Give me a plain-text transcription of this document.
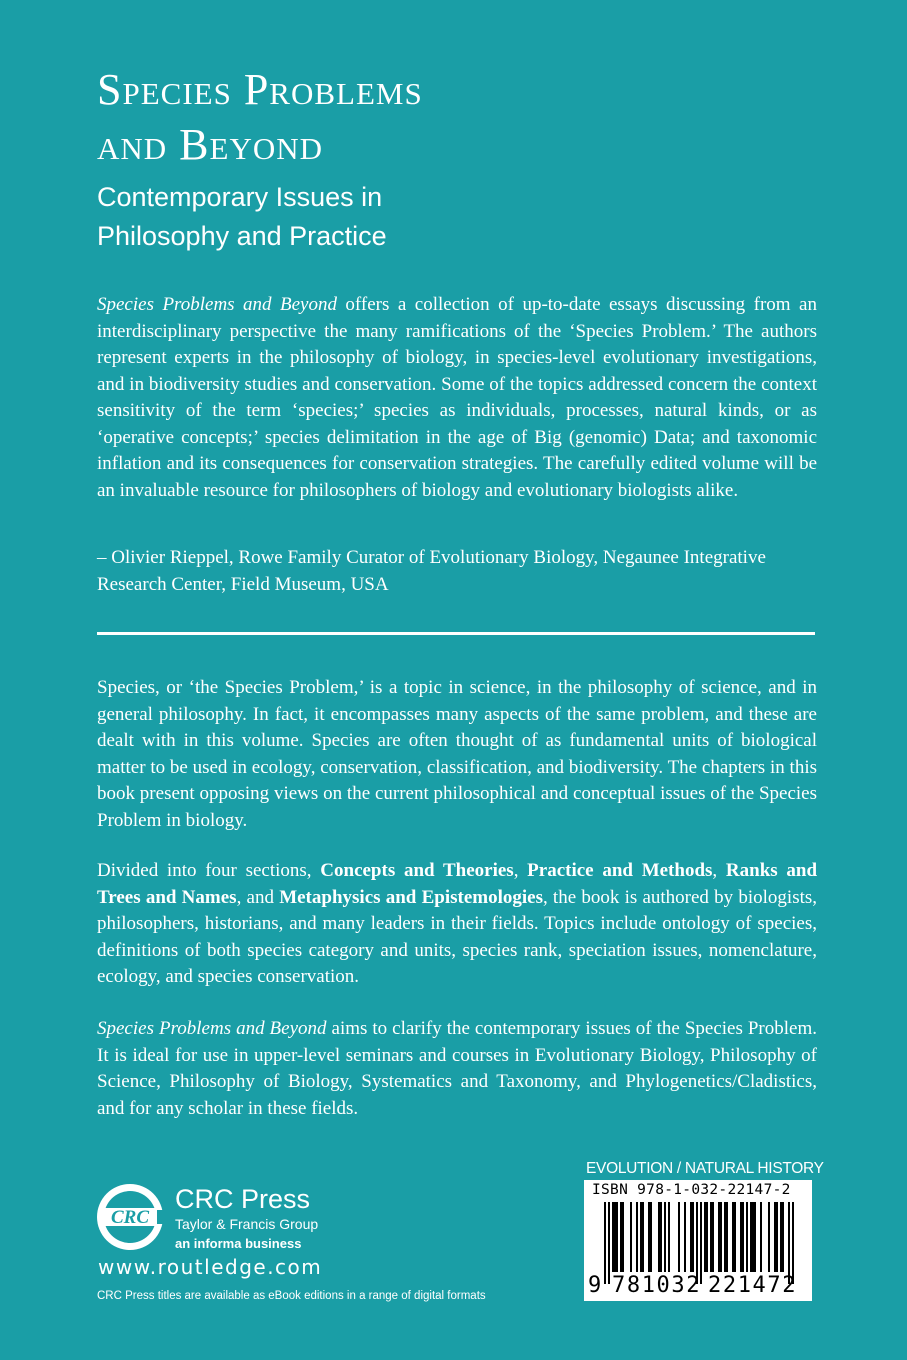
Species Problems
and Beyond
Contemporary Issues in
Philosophy and Practice

Species Problems and Beyond offers a collection of up-to-date essays discussing from an interdisciplinary perspective the many ramifications of the ‘Species Problem.’ The authors represent experts in the philosophy of biology, in species-level evolutionary investigations, and in biodiversity studies and conservation. Some of the topics addressed concern the context sensitivity of the term ‘species;’ species as individuals, processes, natural kinds, or as ‘operative concepts;’ species delimitation in the age of Big (genomic) Data; and taxonomic inflation and its consequences for conservation strategies. The carefully edited volume will be an invaluable resource for philosophers of biology and evolutionary biologists alike.

– Olivier Rieppel, Rowe Family Curator of Evolutionary Biology, Negaunee Integrative Research Center, Field Museum, USA

Species, or ‘the Species Problem,’ is a topic in science, in the philosophy of science, and in general philosophy. In fact, it encompasses many aspects of the same problem, and these are dealt with in this volume. Species are often thought of as fundamental units of biological matter to be used in ecology, conservation, classification, and biodiversity. The chapters in this book present opposing views on the current philosophical and conceptual issues of the Species Problem in biology.

Divided into four sections, Concepts and Theories, Practice and Methods, Ranks and Trees and Names, and Metaphysics and Epistemologies, the book is authored by biologists, philosophers, historians, and many leaders in their fields. Topics include ontology of species, definitions of both species category and units, species rank, speciation issues, nomenclature, ecology, and species conservation.

Species Problems and Beyond aims to clarify the contemporary issues of the Species Problem. It is ideal for use in upper-level seminars and courses in Evolutionary Biology, Philosophy of Science, Philosophy of Biology, Systematics and Taxonomy, and Phylogenetics/Cladistics, and for any scholar in these fields.

CRC
CRC Press
Taylor & Francis Group
an informa business
www.routledge.com
CRC Press titles are available as eBook editions in a range of digital formats
EVOLUTION / NATURAL HISTORY
ISBN 978-1-032-22147-2
9 781032 221472
